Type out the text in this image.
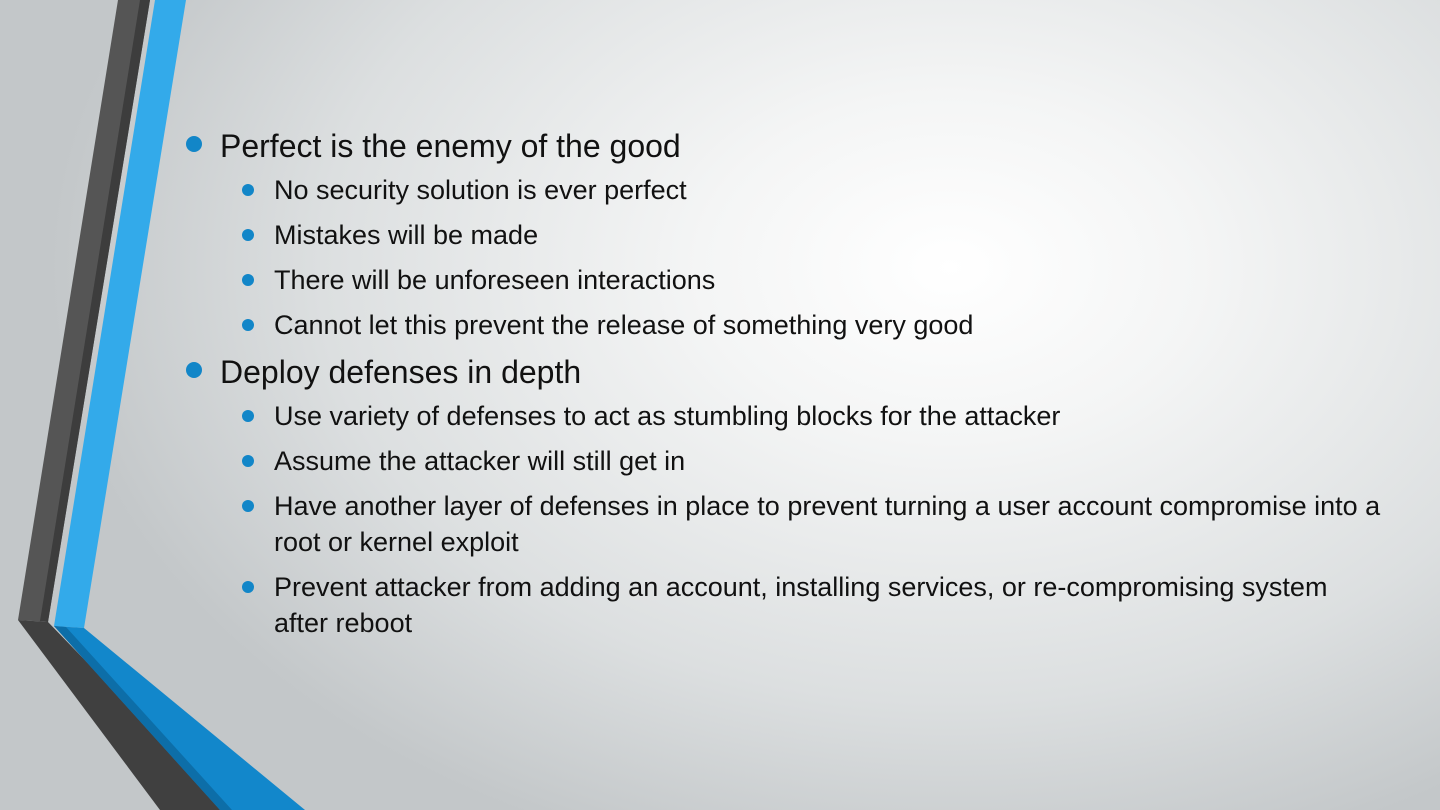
Perfect is the enemy of the good
No security solution is ever perfect
Mistakes will be made
There will be unforeseen interactions
Cannot let this prevent the release of something very good
Deploy defenses in depth
Use variety of defenses to act as stumbling blocks for the attacker
Assume the attacker will still get in
Have another layer of defenses in place to prevent turning a user account compromise into a root or kernel exploit
Prevent attacker from adding an account, installing services, or re-compromising system after reboot
